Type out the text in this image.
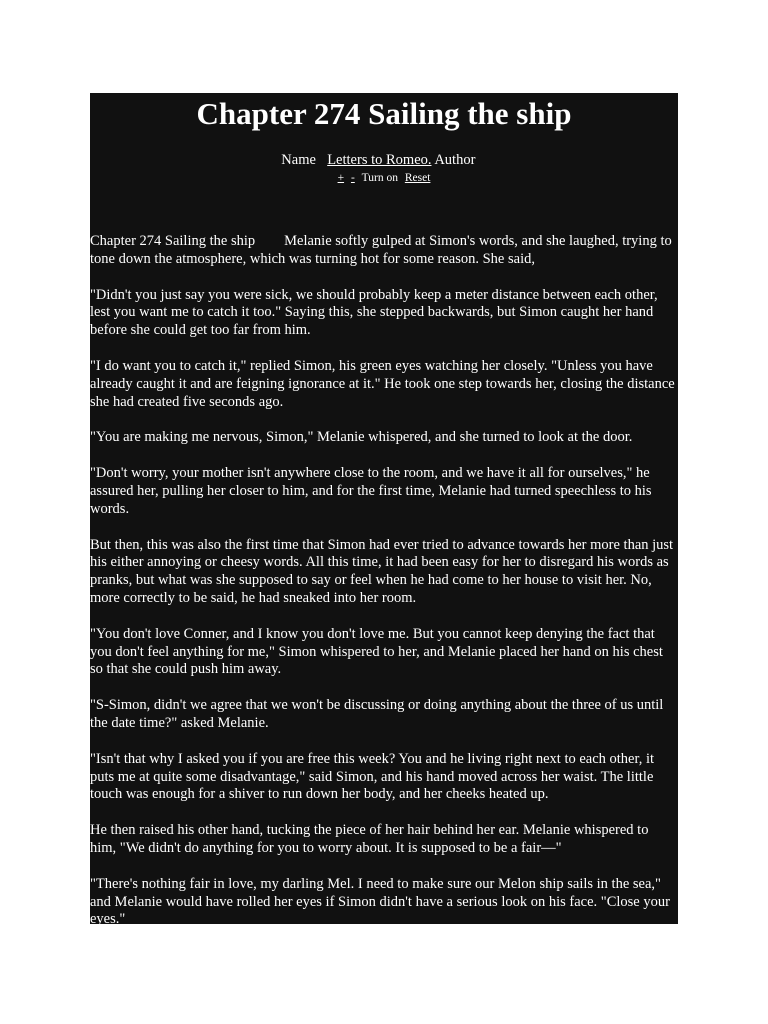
Chapter 274 Sailing the ship
Name Letters to Romeo. Author
+ - Turn on Reset

Chapter 274 Sailing the ship        Melanie softly gulped at Simon's words, and she laughed, trying to tone down the atmosphere, which was turning hot for some reason. She said,

"Didn't you just say you were sick, we should probably keep a meter distance between each other, lest you want me to catch it too." Saying this, she stepped backwards, but Simon caught her hand before she could get too far from him.

"I do want you to catch it," replied Simon, his green eyes watching her closely. "Unless you have already caught it and are feigning ignorance at it." He took one step towards her, closing the distance she had created five seconds ago.

"You are making me nervous, Simon," Melanie whispered, and she turned to look at the door.

"Don't worry, your mother isn't anywhere close to the room, and we have it all for ourselves," he assured her, pulling her closer to him, and for the first time, Melanie had turned speechless to his words.

But then, this was also the first time that Simon had ever tried to advance towards her more than just his either annoying or cheesy words. All this time, it had been easy for her to disregard his words as pranks, but what was she supposed to say or feel when he had come to her house to visit her. No, more correctly to be said, he had sneaked into her room.

"You don't love Conner, and I know you don't love me. But you cannot keep denying the fact that you don't feel anything for me," Simon whispered to her, and Melanie placed her hand on his chest so that she could push him away.

"S-Simon, didn't we agree that we won't be discussing or doing anything about the three of us until the date time?" asked Melanie.

"Isn't that why I asked you if you are free this week? You and he living right next to each other, it puts me at quite some disadvantage," said Simon, and his hand moved across her waist. The little touch was enough for a shiver to run down her body, and her cheeks heated up.

He then raised his other hand, tucking the piece of her hair behind her ear. Melanie whispered to him, "We didn't do anything for you to worry about. It is supposed to be a fair—"

"There's nothing fair in love, my darling Mel. I need to make sure our Melon ship sails in the sea," and Melanie would have rolled her eyes if Simon didn't have a serious look on his face. "Close your eyes."
